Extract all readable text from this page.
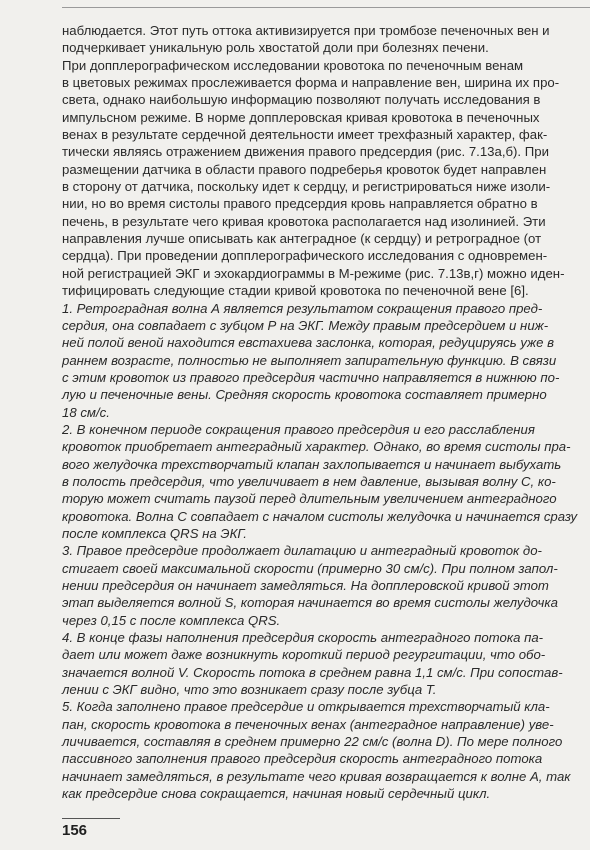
наблюдается. Этот путь оттока активизируется при тромбозе печеночных вен и
подчеркивает уникальную роль хвостатой доли при болезнях печени.
При допплерографическом исследовании кровотока по печеночным венам
в цветовых режимах прослеживается форма и направление вен, ширина их про-
света, однако наибольшую информацию позволяют получать исследования в
импульсном режиме. В норме допплеровская кривая кровотока в печеночных
венах в результате сердечной деятельности имеет трехфазный характер, фак-
тически являясь отражением движения правого предсердия (рис. 7.13а,б). При
размещении датчика в области правого подреберья кровоток будет направлен
в сторону от датчика, поскольку идет к сердцу, и регистрироваться ниже изоли-
нии, но во время систолы правого предсердия кровь направляется обратно в
печень, в результате чего кривая кровотока располагается над изолинией. Эти
направления лучше описывать как антеградное (к сердцу) и ретроградное (от
сердца). При проведении допплерографического исследования с одновремен-
ной регистрацией ЭКГ и эхокардиограммы в М-режиме (рис. 7.13в,г) можно иден-
тифицировать следующие стадии кривой кровотока по печеночной вене [6].
1. Ретроградная волна А является результатом сокращения правого пред-
сердия, она совпадает с зубцом Р на ЭКГ. Между правым предсердием и ниж-
ней полой веной находится евстахиева заслонка, которая, редуцируясь уже в
раннем возрасте, полностью не выполняет запирательную функцию. В связи
с этим кровоток из правого предсердия частично направляется в нижнюю по-
лую и печеночные вены. Средняя скорость кровотока составляет примерно
18 см/с.
2. В конечном периоде сокращения правого предсердия и его расслабления
кровоток приобретает антеградный характер. Однако, во время систолы пра-
вого желудочка трехстворчатый клапан захлопывается и начинает выбухать
в полость предсердия, что увеличивает в нем давление, вызывая волну С, ко-
торую может считать паузой перед длительным увеличением антеградного
кровотока. Волна С совпадает с началом систолы желудочка и начинается сразу
после комплекса QRS на ЭКГ.
3. Правое предсердие продолжает дилатацию и антеградный кровоток до-
стигает своей максимальной скорости (примерно 30 см/с). При полном запол-
нении предсердия он начинает замедляться. На допплеровской кривой этот
этап выделяется волной S, которая начинается во время систолы желудочка
через 0,15 с после комплекса QRS.
4. В конце фазы наполнения предсердия скорость антеградного потока па-
дает или может даже возникнуть короткий период регургитации, что обо-
значается волной V. Скорость потока в среднем равна 1,1 см/с. При сопостав-
лении с ЭКГ видно, что это возникает сразу после зубца Т.
5. Когда заполнено правое предсердие и открывается трехстворчатый кла-
пан, скорость кровотока в печеночных венах (антеградное направление) уве-
личивается, составляя в среднем примерно 22 см/с (волна D). По мере полного
пассивного заполнения правого предсердия скорость антеградного потока
начинает замедляться, в результате чего кривая возвращается к волне А, так
как предсердие снова сокращается, начиная новый сердечный цикл.
156
